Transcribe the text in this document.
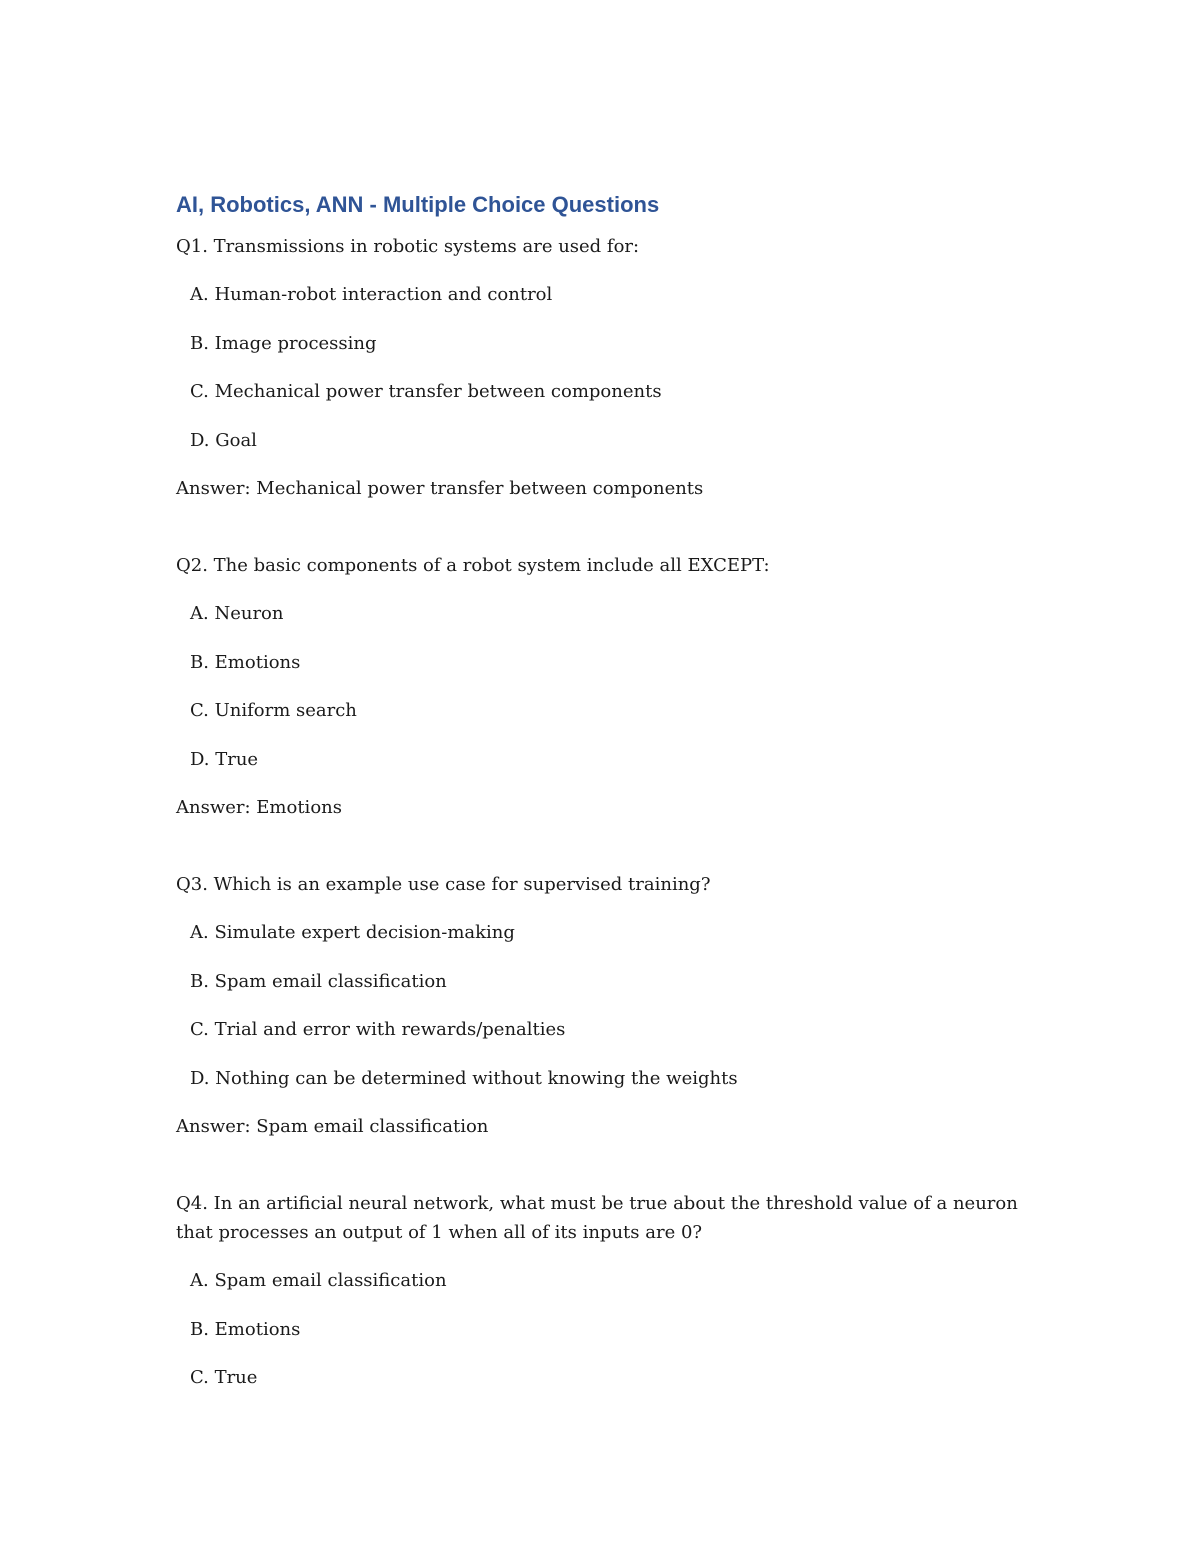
AI, Robotics, ANN - Multiple Choice Questions

Q1. Transmissions in robotic systems are used for:

A. Human-robot interaction and control

B. Image processing

C. Mechanical power transfer between components

D. Goal

Answer: Mechanical power transfer between components

Q2. The basic components of a robot system include all EXCEPT:

A. Neuron

B. Emotions

C. Uniform search

D. True

Answer: Emotions

Q3. Which is an example use case for supervised training?

A. Simulate expert decision-making

B. Spam email classification

C. Trial and error with rewards/penalties

D. Nothing can be determined without knowing the weights

Answer: Spam email classification

Q4. In an artificial neural network, what must be true about the threshold value of a neuron that processes an output of 1 when all of its inputs are 0?

A. Spam email classification

B. Emotions

C. True
